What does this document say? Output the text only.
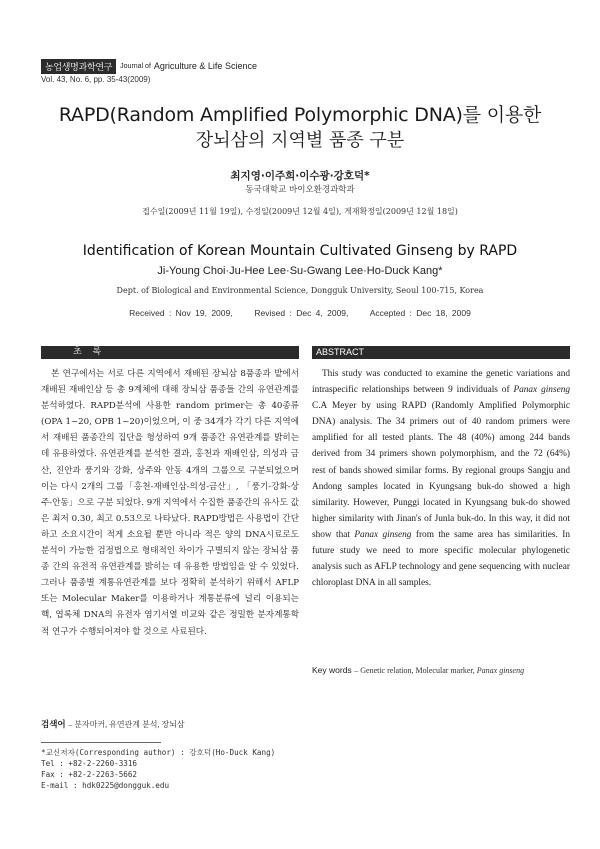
농업생명과학연구	Journal of Agriculture & Life Science
Vol. 43, No. 6, pp. 35-43(2009)
RAPD(Random Amplified Polymorphic DNA)를 이용한
장뇌삼의 지역별 품종 구분
최지영·이주희·이수광·강호덕*
동국대학교 바이오환경과학과
접수일(2009년 11월 19일), 수정일(2009년 12월 4일), 게재확정일(2009년 12월 18일)
Identification of Korean Mountain Cultivated Ginseng by RAPD
Ji-Young Choi·Ju-Hee Lee·Su-Gwang Lee·Ho-Duck Kang*
Dept. of Biological and Environmental Science, Dongguk University, Seoul 100-715, Korea
Received : Nov 19, 2009,	Revised : Dec 4, 2009,	Accepted : Dec 18, 2009
초 록	ABSTRACT

본 연구에서는 서로 다른 지역에서 재배된 장뇌삼 8품종과 밭에서 재배된 재배인삼 등 총 9계체에 대해 장뇌삼 품종들 간의 유연관계를 분석하였다. RAPD분석에 사용한 random primer는 총 40종류(OPA 1~20, OPB 1~20)이었으며, 이 중 34개가 각기 다른 지역에서 재배된 품종간의 집단을 형성하여 9개 품종간 유연관계를 밝히는데 유용하였다. 유연관계를 분석한 결과, 홍천과 재배인삼, 의성과 금산, 진안과 풍기와 강화, 상주와 안동 4개의 그룹으로 구분되었으며 이는 다시 2개의 그룹「홍천-재배인삼-의성-금산」, 「풍기-강화-상주-안동」으로 구분 되었다. 9개 지역에서 수집한 품종간의 유사도 값은 최저 0.30, 최고 0.53으로 나타났다. RAPD방법은 사용법이 간단하고 소요시간이 적게 소요될 뿐만 아니라 적은 양의 DNA시료로도 분석이 가능한 검정법으로 형태적인 차이가 구별되지 않는 장뇌삼 품종 간의 유전적 유연관계를 밝히는 데 유용한 방법임을 알 수 있었다. 그러나 품종별 계통유연관계를 보다 정확히 분석하기 위해서 AFLP 또는 Molecular Maker를 이용하거나 계통분류에 널리 이용되는 핵, 엽록체 DNA의 유전자 염기서열 비교와 같은 정밀한 분자계통학적 연구가 수행되어져야 할 것으로 사료된다.

This study was conducted to examine the genetic variations and intraspecific relationships between 9 individuals of Panax ginseng C.A Meyer by using RAPD (Randomly Amplified Polymorphic DNA) analysis. The 34 primers out of 40 random primers were amplified for all tested plants. The 48 (40%) among 244 bands derived from 34 primers shown polymorphism, and the 72 (64%) rest of bands showed similar forms. By regional groups Sangju and Andong samples located in Kyungsang buk-do showed a high similarity. However, Punggi located in Kyungsang buk-do showed higher similarity with Jinan's of Junla buk-do. In this way, it did not show that Panax ginseng from the same area has similarities. In future study we need to more specific molecular phylogenetic analysis such as AFLP technology and gene sequencing with nuclear chloroplast DNA in all samples.

Key words – Genetic relation, Molecular marker, Panax ginseng
검색어 – 분자마커, 유연관계 분석, 장뇌삼
*교신저자(Corresponding author) : 강호덕(Ho-Duck Kang)
Tel : +82-2-2260-3316
Fax : +82-2-2263-5662
E-mail : hdk0225@dongguk.edu
